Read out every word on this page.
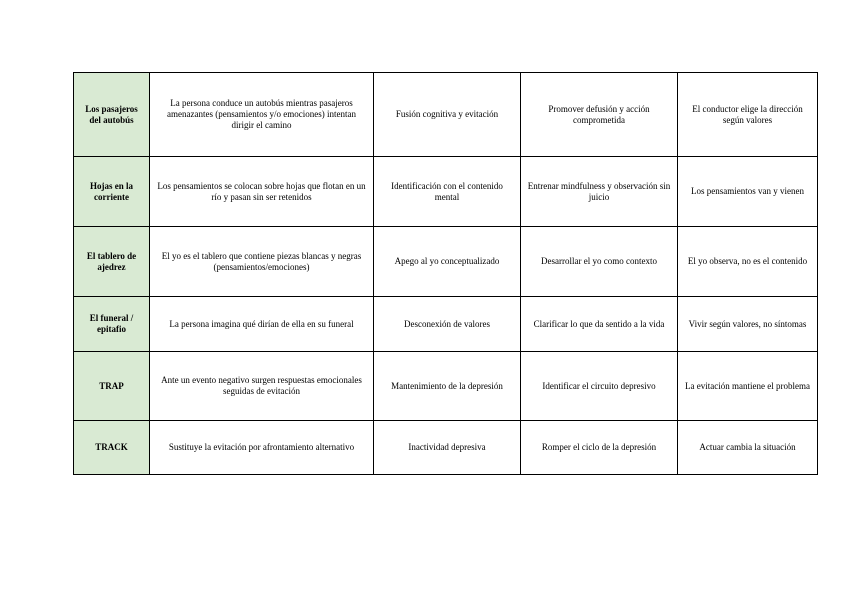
Los pasajeros del autobús	La persona conduce un autobús mientras pasajeros amenazantes (pensamientos y/o emociones) intentan dirigir el camino	Fusión cognitiva y evitación	Promover defusión y acción comprometida	El conductor elige la dirección según valores
Hojas en la corriente	Los pensamientos se colocan sobre hojas que flotan en un río y pasan sin ser retenidos	Identificación con el contenido mental	Entrenar mindfulness y observación sin juicio	Los pensamientos van y vienen
El tablero de ajedrez	El yo es el tablero que contiene piezas blancas y negras (pensamientos/emociones)	Apego al yo conceptualizado	Desarrollar el yo como contexto	El yo observa, no es el contenido
El funeral / epitafio	La persona imagina qué dirían de ella en su funeral	Desconexión de valores	Clarificar lo que da sentido a la vida	Vivir según valores, no síntomas
TRAP	Ante un evento negativo surgen respuestas emocionales seguidas de evitación	Mantenimiento de la depresión	Identificar el circuito depresivo	La evitación mantiene el problema
TRACK	Sustituye la evitación por afrontamiento alternativo	Inactividad depresiva	Romper el ciclo de la depresión	Actuar cambia la situación
